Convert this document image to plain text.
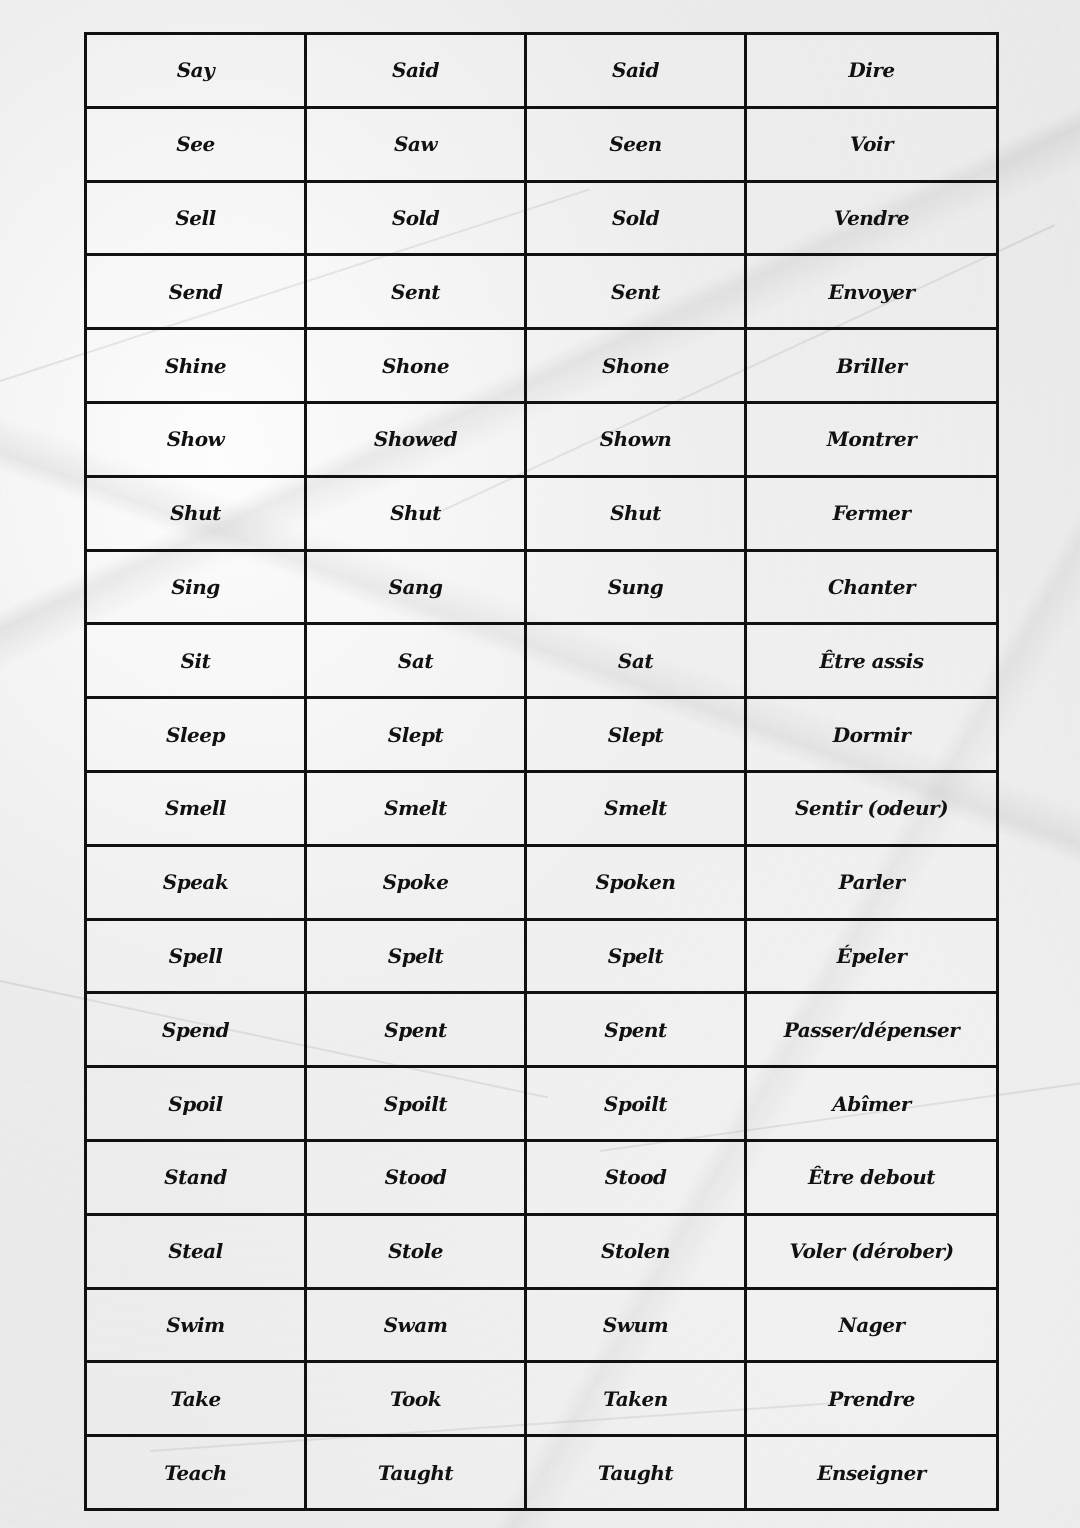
Say	Said	Said	Dire
See	Saw	Seen	Voir
Sell	Sold	Sold	Vendre
Send	Sent	Sent	Envoyer
Shine	Shone	Shone	Briller
Show	Showed	Shown	Montrer
Shut	Shut	Shut	Fermer
Sing	Sang	Sung	Chanter
Sit	Sat	Sat	Être assis
Sleep	Slept	Slept	Dormir
Smell	Smelt	Smelt	Sentir (odeur)
Speak	Spoke	Spoken	Parler
Spell	Spelt	Spelt	Épeler
Spend	Spent	Spent	Passer/dépenser
Spoil	Spoilt	Spoilt	Abîmer
Stand	Stood	Stood	Être debout
Steal	Stole	Stolen	Voler (dérober)
Swim	Swam	Swum	Nager
Take	Took	Taken	Prendre
Teach	Taught	Taught	Enseigner
